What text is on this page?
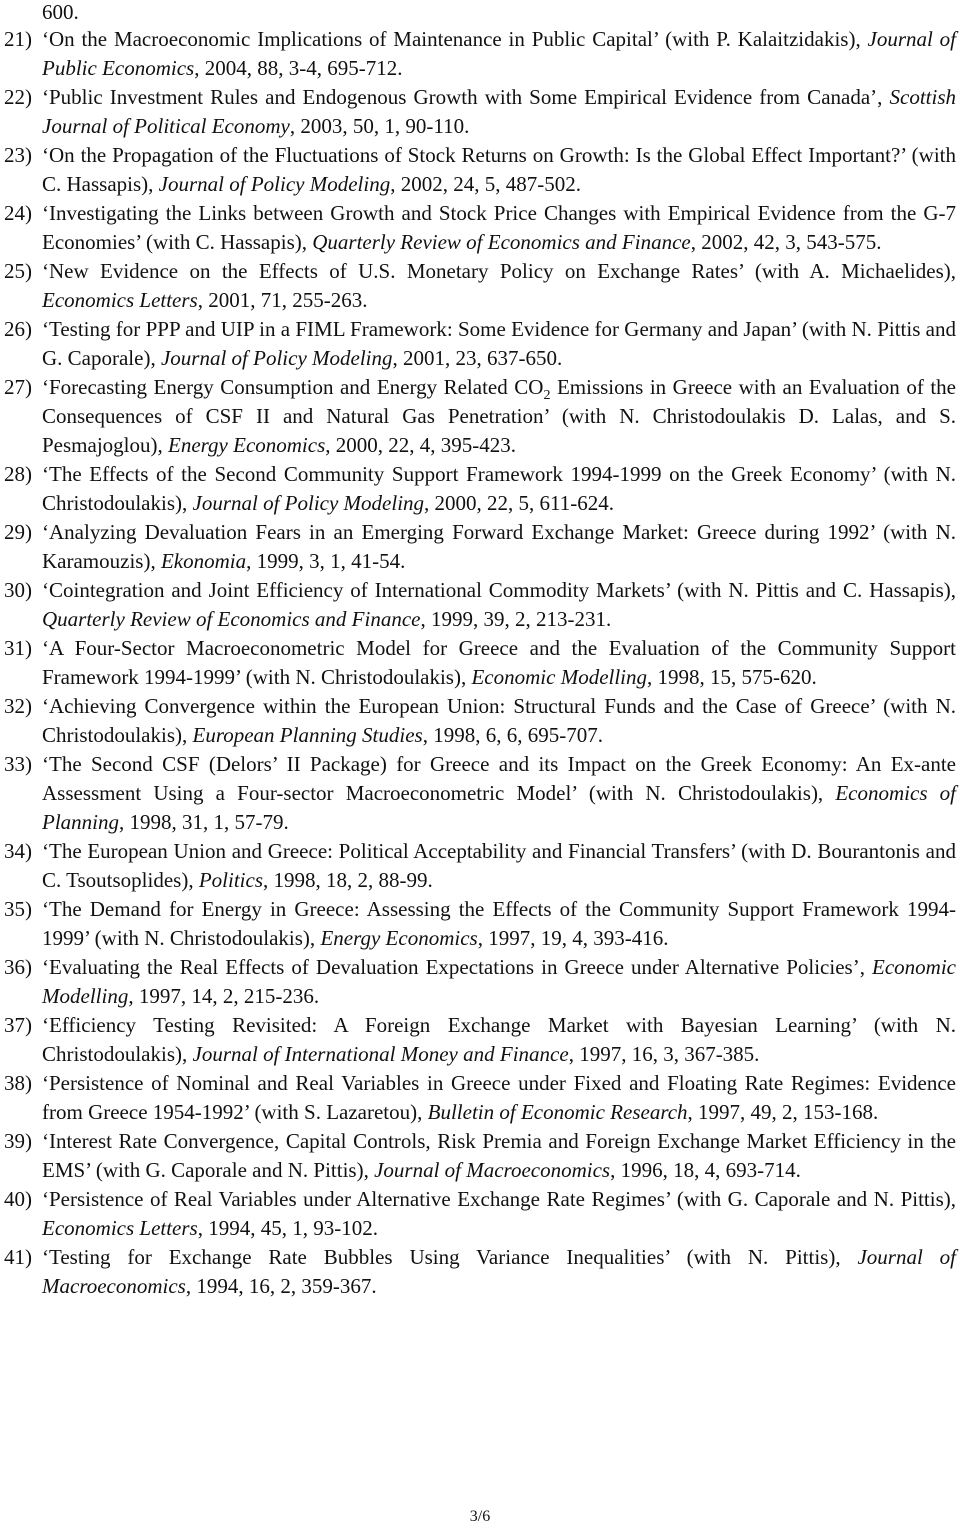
600.
21) ‘On the Macroeconomic Implications of Maintenance in Public Capital’ (with P. Kalaitzidakis), Journal of Public Economics, 2004, 88, 3-4, 695-712.
22) ‘Public Investment Rules and Endogenous Growth with Some Empirical Evidence from Canada’, Scottish Journal of Political Economy, 2003, 50, 1, 90-110.
23) ‘On the Propagation of the Fluctuations of Stock Returns on Growth: Is the Global Effect Important?’ (with C. Hassapis), Journal of Policy Modeling, 2002, 24, 5, 487-502.
24) ‘Investigating the Links between Growth and Stock Price Changes with Empirical Evidence from the G-7 Economies’ (with C. Hassapis), Quarterly Review of Economics and Finance, 2002, 42, 3, 543-575.
25) ‘New Evidence on the Effects of U.S. Monetary Policy on Exchange Rates’ (with A. Michaelides), Economics Letters, 2001, 71, 255-263.
26) ‘Testing for PPP and UIP in a FIML Framework: Some Evidence for Germany and Japan’ (with N. Pittis and G. Caporale), Journal of Policy Modeling, 2001, 23, 637-650.
27) ‘Forecasting Energy Consumption and Energy Related $CO_2$ Emissions in Greece with an Evaluation of the Consequences of CSF II and Natural Gas Penetration’ (with N. Christodoulakis D. Lalas, and S. Pesmajoglou), Energy Economics, 2000, 22, 4, 395-423.
28) ‘The Effects of the Second Community Support Framework 1994-1999 on the Greek Economy’ (with N. Christodoulakis), Journal of Policy Modeling, 2000, 22, 5, 611-624.
29) ‘Analyzing Devaluation Fears in an Emerging Forward Exchange Market: Greece during 1992’ (with N. Karamouzis), Ekonomia, 1999, 3, 1, 41-54.
30) ‘Cointegration and Joint Efficiency of International Commodity Markets’ (with N. Pittis and C. Hassapis), Quarterly Review of Economics and Finance, 1999, 39, 2, 213-231.
31) ‘A Four-Sector Macroeconometric Model for Greece and the Evaluation of the Community Support Framework 1994-1999’ (with N. Christodoulakis), Economic Modelling, 1998, 15, 575-620.
32) ‘Achieving Convergence within the European Union: Structural Funds and the Case of Greece’ (with N. Christodoulakis), European Planning Studies, 1998, 6, 6, 695-707.
33) ‘The Second CSF (Delors’ II Package) for Greece and its Impact on the Greek Economy: An Ex-ante Assessment Using a Four-sector Macroeconometric Model’ (with N. Christodoulakis), Economics of Planning, 1998, 31, 1, 57-79.
34) ‘The European Union and Greece: Political Acceptability and Financial Transfers’ (with D. Bourantonis and C. Tsoutsoplides), Politics, 1998, 18, 2, 88-99.
35) ‘The Demand for Energy in Greece: Assessing the Effects of the Community Support Framework 1994-1999’ (with N. Christodoulakis), Energy Economics, 1997, 19, 4, 393-416.
36) ‘Evaluating the Real Effects of Devaluation Expectations in Greece under Alternative Policies’, Economic Modelling, 1997, 14, 2, 215-236.
37) ‘Efficiency Testing Revisited: A Foreign Exchange Market with Bayesian Learning’ (with N. Christodoulakis), Journal of International Money and Finance, 1997, 16, 3, 367-385.
38) ‘Persistence of Nominal and Real Variables in Greece under Fixed and Floating Rate Regimes: Evidence from Greece 1954-1992’ (with S. Lazaretou), Bulletin of Economic Research, 1997, 49, 2, 153-168.
39) ‘Interest Rate Convergence, Capital Controls, Risk Premia and Foreign Exchange Market Efficiency in the EMS’ (with G. Caporale and N. Pittis), Journal of Macroeconomics, 1996, 18, 4, 693-714.
40) ‘Persistence of Real Variables under Alternative Exchange Rate Regimes’ (with G. Caporale and N. Pittis), Economics Letters, 1994, 45, 1, 93-102.
41) ‘Testing for Exchange Rate Bubbles Using Variance Inequalities’ (with N. Pittis), Journal of Macroeconomics, 1994, 16, 2, 359-367.
3/6
